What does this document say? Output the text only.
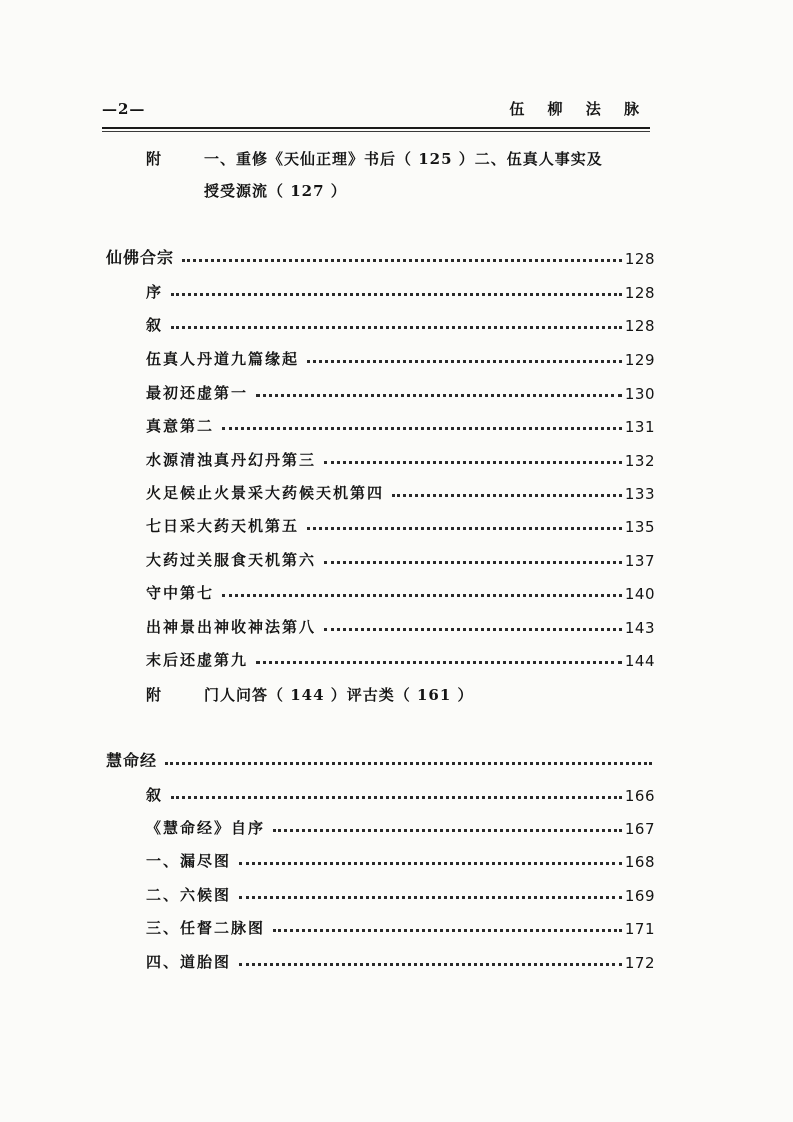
—2—	伍 柳 法 脉
附	一、重修《天仙正理》书后（ 125 ）二、伍真人事实及
授受源流（ 127 ）
仙佛合宗	128
序	128
叙	128
伍真人丹道九篇缘起	129
最初还虚第一	130
真意第二	131
水源清浊真丹幻丹第三	132
火足候止火景采大药候天机第四	133
七日采大药天机第五	135
大药过关服食天机第六	137
守中第七	140
出神景出神收神法第八	143
末后还虚第九	144
附	门人问答（ 144 ）评古类（ 161 ）
慧命经
叙	166
《慧命经》自序	167
一、漏尽图	168
二、六候图	169
三、任督二脉图	171
四、道胎图	172
